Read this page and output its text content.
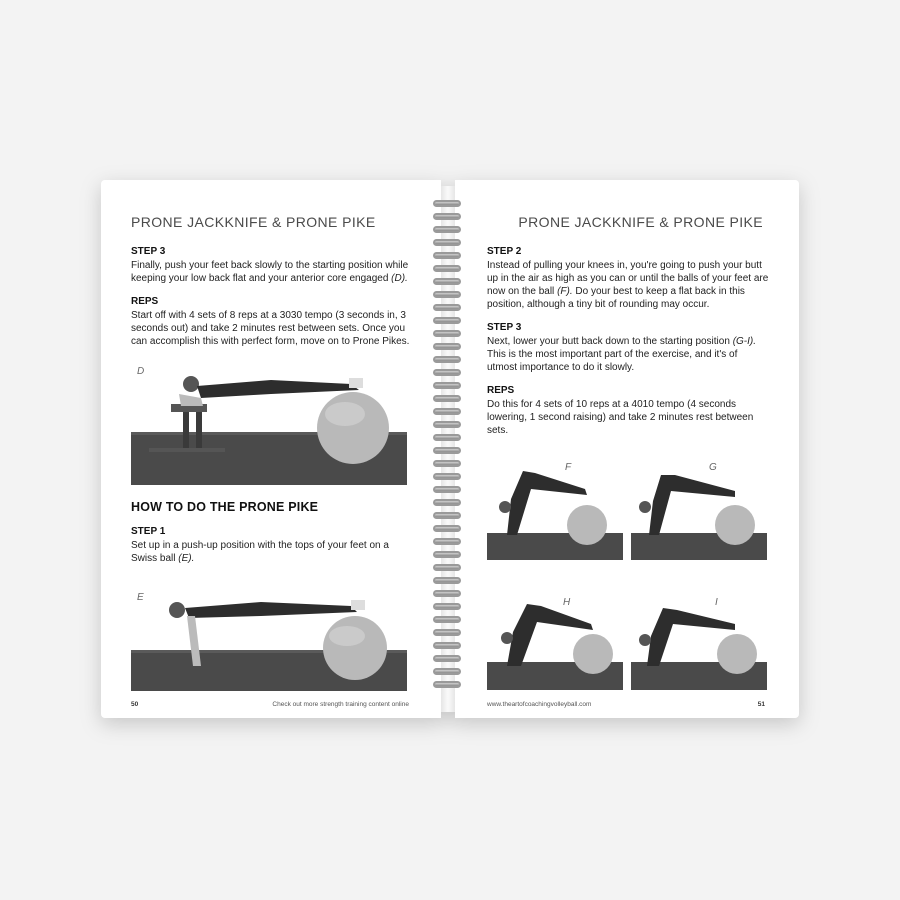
PRONE JACKKNIFE & PRONE PIKE
STEP 3
Finally, push your feet back slowly to the starting position while keeping your low back flat and your anterior core engaged (D).
REPS
Start off with 4 sets of 8 reps at a 3030 tempo (3 seconds in, 3 seconds out) and take 2 minutes rest between sets. Once you can accomplish this with perfect form, move on to Prone Pikes.
D
HOW TO DO THE PRONE PIKE
STEP 1
Set up in a push-up position with the tops of your feet on a Swiss ball (E).
E
50	Check out more strength training content online
PRONE JACKKNIFE & PRONE PIKE
STEP 2
Instead of pulling your knees in, you're going to push your butt up in the air as high as you can or until the balls of your feet are now on the ball (F). Do your best to keep a flat back in this position, although a tiny bit of rounding may occur.
STEP 3
Next, lower your butt back down to the starting position (G-I). This is the most important part of the exercise, and it's of utmost importance to do it slowly.
REPS
Do this for 4 sets of 10 reps at a 4010 tempo (4 seconds lowering, 1 second raising) and take 2 minutes rest between sets.
F	G
H	I
www.theartofcoachingvolleyball.com	51
